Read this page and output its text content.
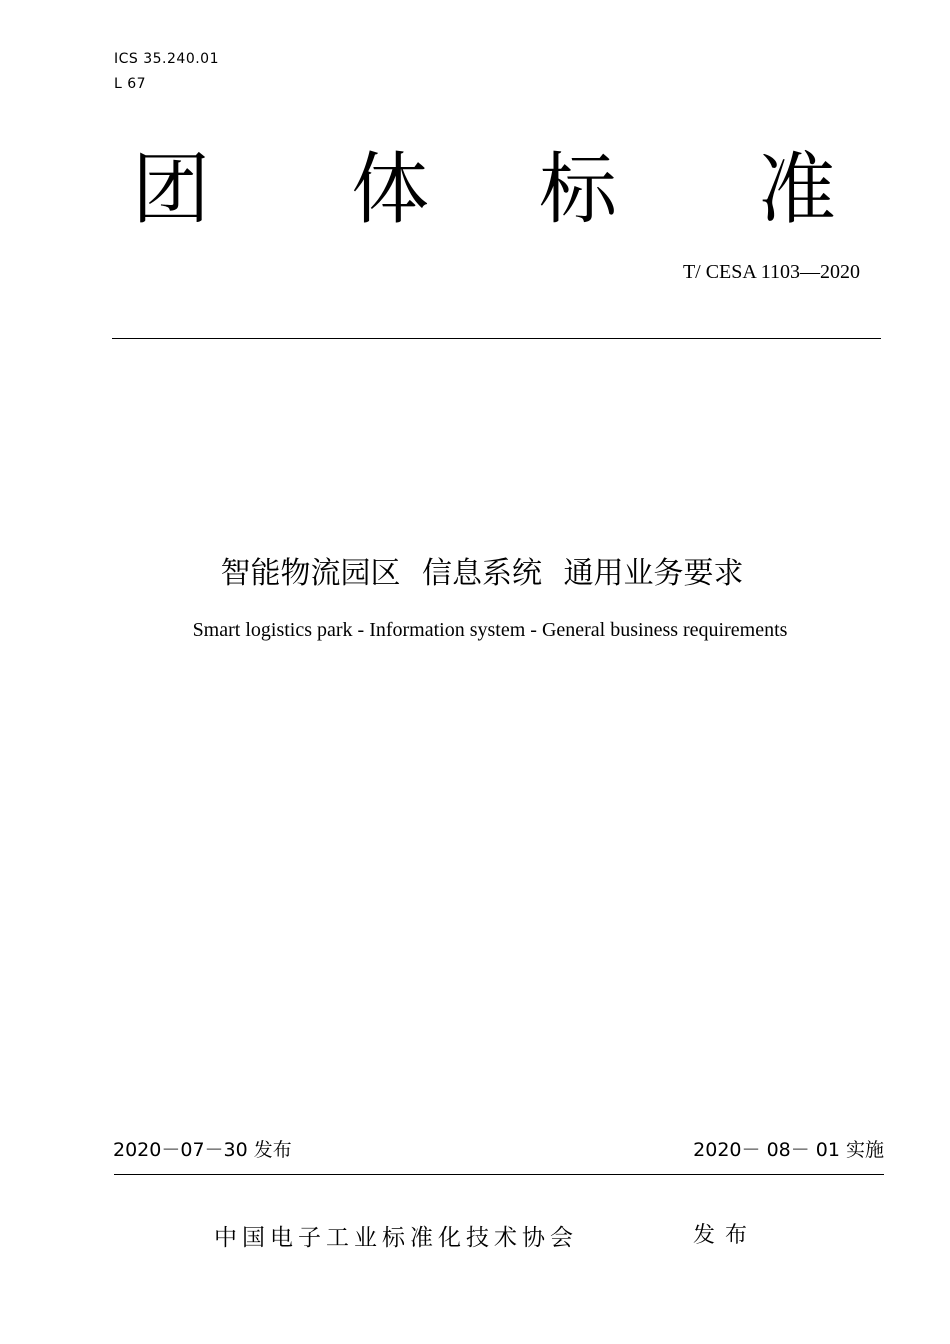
ICS 35.240.01
L 67
团 体 标 准
T/ CESA 1103—2020
智能物流园区 信息系统 通用业务要求
Smart logistics park - Information system - General business requirements
2020－07－30 发布	2020－ 08－ 01 实施
中国电子工业标准化技术协会	发布
